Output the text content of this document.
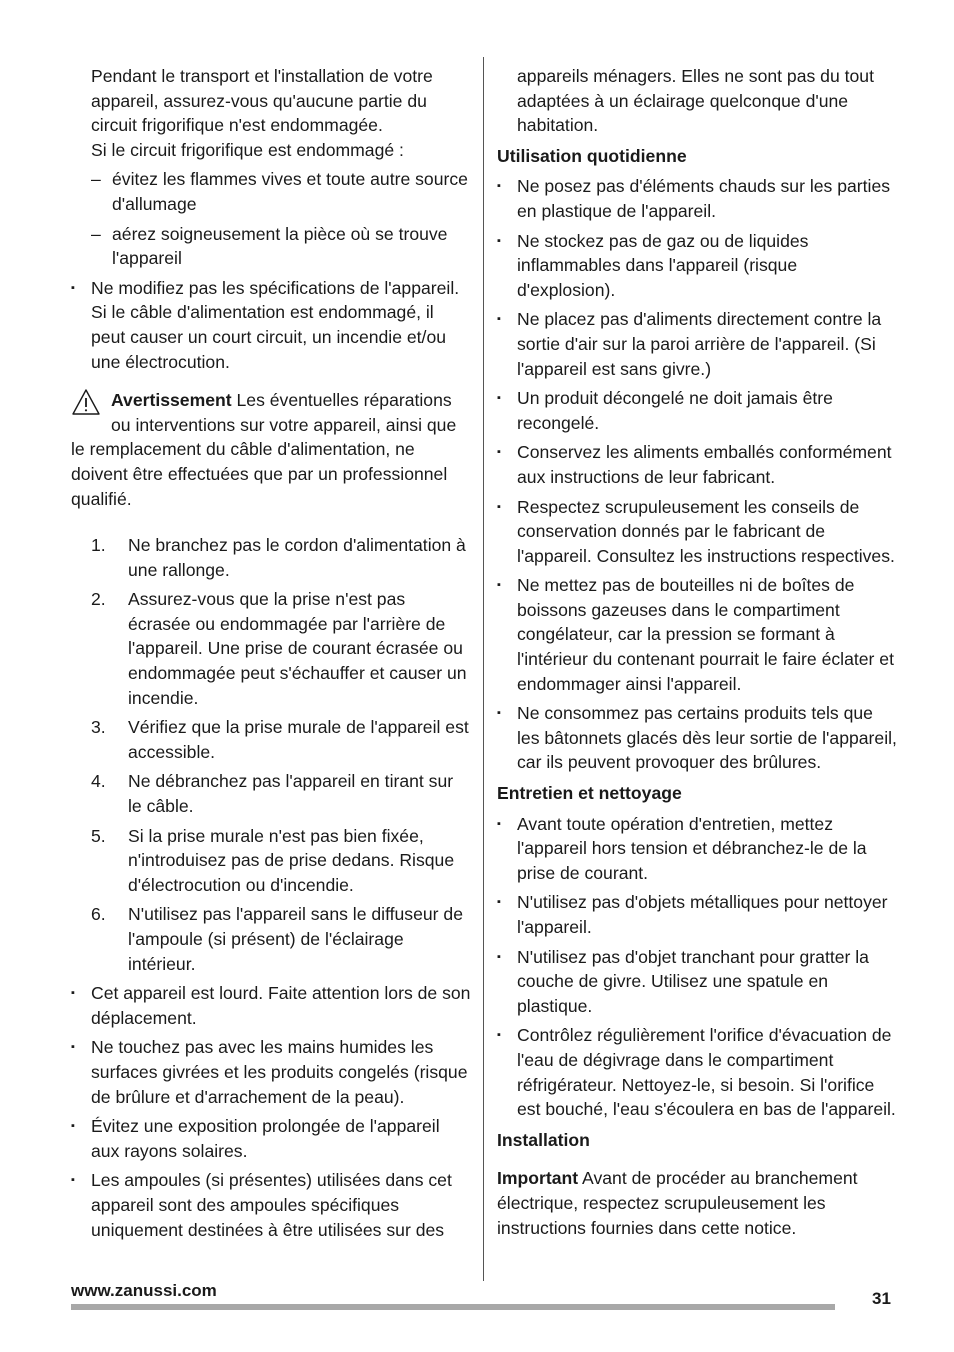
Pendant le transport et l'installation de votre appareil, assurez-vous qu'aucune partie du circuit frigorifique n'est endommagée.

Si le circuit frigorifique est endommagé :

– évitez les flammes vives et toute autre source d'allumage
– aérez soigneusement la pièce où se trouve l'appareil
▪ Ne modifiez pas les spécifications de l'appareil. Si le câble d'alimentation est endommagé, il peut causer un court circuit, un incendie et/ou une électrocution.

Avertissement Les éventuelles réparations ou interventions sur votre appareil, ainsi que le remplacement du câble d'alimentation, ne doivent être effectuées que par un professionnel qualifié.

1. Ne branchez pas le cordon d'alimentation à une rallonge.
2. Assurez-vous que la prise n'est pas écrasée ou endommagée par l'arrière de l'appareil. Une prise de courant écrasée ou endommagée peut s'échauffer et causer un incendie.
3. Vérifiez que la prise murale de l'appareil est accessible.
4. Ne débranchez pas l'appareil en tirant sur le câble.
5. Si la prise murale n'est pas bien fixée, n'introduisez pas de prise dedans. Risque d'électrocution ou d'incendie.
6. N'utilisez pas l'appareil sans le diffuseur de l'ampoule (si présent) de l'éclairage intérieur.
▪ Cet appareil est lourd. Faite attention lors de son déplacement.
▪ Ne touchez pas avec les mains humides les surfaces givrées et les produits congelés (risque de brûlure et d'arrachement de la peau).
▪ Évitez une exposition prolongée de l'appareil aux rayons solaires.
▪ Les ampoules (si présentes) utilisées dans cet appareil sont des ampoules spécifiques uniquement destinées à être utilisées sur des

appareils ménagers. Elles ne sont pas du tout adaptées à un éclairage quelconque d'une habitation.

Utilisation quotidienne
▪ Ne posez pas d'éléments chauds sur les parties en plastique de l'appareil.
▪ Ne stockez pas de gaz ou de liquides inflammables dans l'appareil (risque d'explosion).
▪ Ne placez pas d'aliments directement contre la sortie d'air sur la paroi arrière de l'appareil. (Si l'appareil est sans givre.)
▪ Un produit décongelé ne doit jamais être recongelé.
▪ Conservez les aliments emballés conformément aux instructions de leur fabricant.
▪ Respectez scrupuleusement les conseils de conservation donnés par le fabricant de l'appareil. Consultez les instructions respectives.
▪ Ne mettez pas de bouteilles ni de boîtes de boissons gazeuses dans le compartiment congélateur, car la pression se formant à l'intérieur du contenant pourrait le faire éclater et endommager ainsi l'appareil.
▪ Ne consommez pas certains produits tels que les bâtonnets glacés dès leur sortie de l'appareil, car ils peuvent provoquer des brûlures.
Entretien et nettoyage
▪ Avant toute opération d'entretien, mettez l'appareil hors tension et débranchez-le de la prise de courant.
▪ N'utilisez pas d'objets métalliques pour nettoyer l'appareil.
▪ N'utilisez pas d'objet tranchant pour gratter la couche de givre. Utilisez une spatule en plastique.
▪ Contrôlez régulièrement l'orifice d'évacuation de l'eau de dégivrage dans le compartiment réfrigérateur. Nettoyez-le, si besoin. Si l'orifice est bouché, l'eau s'écoulera en bas de l'appareil.
Installation

Important Avant de procéder au branchement électrique, respectez scrupuleusement les instructions fournies dans cette notice.

www.zanussi.com	31
